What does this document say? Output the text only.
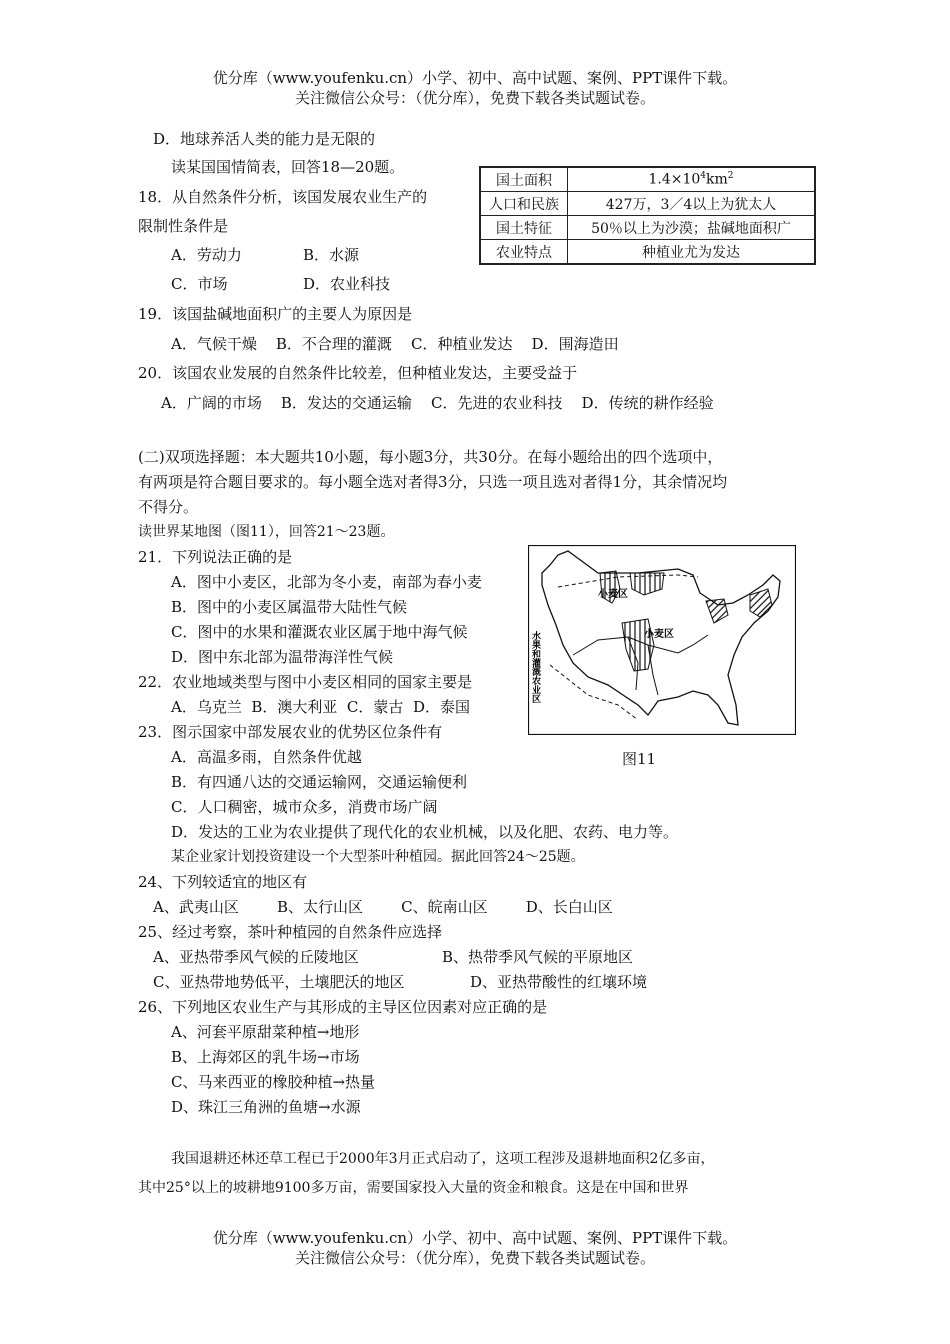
优分库（www.youfenku.cn）小学、初中、高中试题、案例、PPT课件下载。
关注微信公众号：（优分库），免费下载各类试题试卷。
D．地球养活人类的能力是无限的
读某国国情简表，回答18—20题。
18．从自然条件分析，该国发展农业生产的
限制性条件是
A．劳动力	B．水源
C．市场	D．农业科技
国土面积	$1.4\times 10^4km^2$
人口和民族	427万，3／4以上为犹太人
国土特征	50％以上为沙漠；盐碱地面积广
农业特点	种植业尤为发达
19．该国盐碱地面积广的主要人为原因是
A．气候干燥    B．不合理的灌溉    C．种植业发达    D．围海造田
20．该国农业发展的自然条件比较差，但种植业发达，主要受益于
A．广阔的市场    B．发达的交通运输    C．先进的农业科技    D．传统的耕作经验
(二)双项选择题：本大题共10小题，每小题3分，共30分。在每小题给出的四个选项中，
有两项是符合题目要求的。每小题全选对者得3分，只选一项且选对者得1分，其余情况均
不得分。
读世界某地图（图11），回答21～23题。
21．下列说法正确的是
A．图中小麦区，北部为冬小麦，南部为春小麦
B．图中的小麦区属温带大陆性气候
C．图中的水果和灌溉农业区属于地中海气候
D．图中东北部为温带海洋性气候
22．农业地域类型与图中小麦区相同的国家主要是
A．乌克兰  B．澳大利亚  C．蒙古  D．泰国
23．图示国家中部发展农业的优势区位条件有
A．高温多雨，自然条件优越
B．有四通八达的交通运输网，交通运输便利
C．人口稠密，城市众多，消费市场广阔
D．发达的工业为农业提供了现代化的农业机械，以及化肥、农药、电力等。
某企业家计划投资建设一个大型茶叶种植园。据此回答24～25题。
小麦区
小麦区
水果和灌溉农业区
图11
24、下列较适宜的地区有
A、武夷山区        B、太行山区        C、皖南山区        D、长白山区
25、经过考察，茶叶种植园的自然条件应选择
A、亚热带季风气候的丘陵地区	B、热带季风气候的平原地区
C、亚热带地势低平，土壤肥沃的地区	D、亚热带酸性的红壤环境
26、下列地区农业生产与其形成的主导区位因素对应正确的是
A、河套平原甜菜种植→地形
B、上海郊区的乳牛场→市场
C、马来西亚的橡胶种植→热量
D、珠江三角洲的鱼塘→水源
我国退耕还林还草工程已于2000年3月正式启动了，这项工程涉及退耕地面积2亿多亩，
其中25°以上的坡耕地9100多万亩，需要国家投入大量的资金和粮食。这是在中国和世界
优分库（www.youfenku.cn）小学、初中、高中试题、案例、PPT课件下载。
关注微信公众号：（优分库），免费下载各类试题试卷。
